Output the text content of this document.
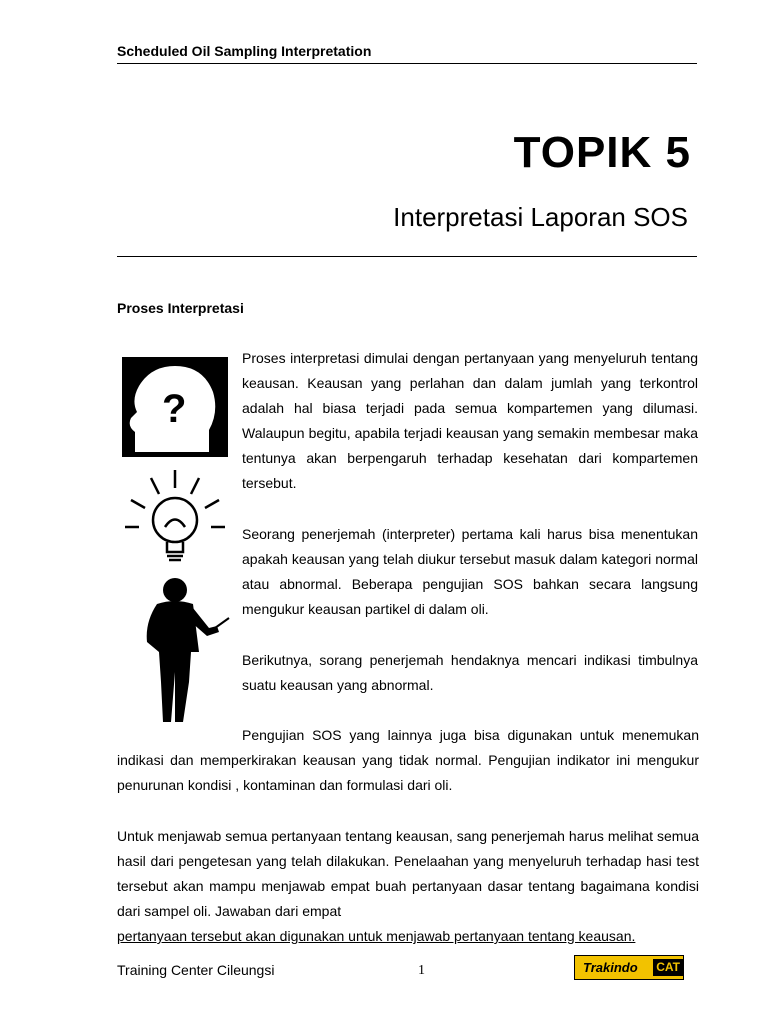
Scheduled Oil Sampling Interpretation
TOPIK 5
Interpretasi Laporan SOS
Proses Interpretasi
?

Proses interpretasi dimulai dengan pertanyaan yang menyeluruh tentang keausan. Keausan yang perlahan dan dalam jumlah yang terkontrol adalah hal biasa terjadi pada semua kompartemen yang dilumasi. Walaupun begitu, apabila terjadi keausan yang semakin membesar maka tentunya akan berpengaruh terhadap kesehatan dari kompartemen tersebut.

Seorang penerjemah (interpreter) pertama kali harus bisa menentukan apakah keausan yang telah diukur tersebut masuk dalam kategori normal atau abnormal. Beberapa pengujian SOS bahkan secara langsung mengukur keausan partikel di dalam oli.

Berikutnya, sorang penerjemah hendaknya mencari indikasi timbulnya suatu keausan yang abnormal.

Pengujian SOS yang lainnya juga bisa digunakan untuk menemukan indikasi dan memperkirakan keausan yang tidak normal. Pengujian indikator ini mengukur penurunan kondisi , kontaminan dan formulasi dari oli.

Untuk menjawab semua pertanyaan tentang keausan, sang penerjemah harus melihat semua hasil dari pengetesan yang telah dilakukan. Penelaahan yang menyeluruh terhadap hasi test tersebut akan mampu menjawab empat buah pertanyaan dasar tentang bagaimana kondisi dari sampel oli. Jawaban dari empat

pertanyaan tersebut akan digunakan untuk menjawab pertanyaan tentang keausan.

Training Center Cileungsi	1	Trakindo	CAT
